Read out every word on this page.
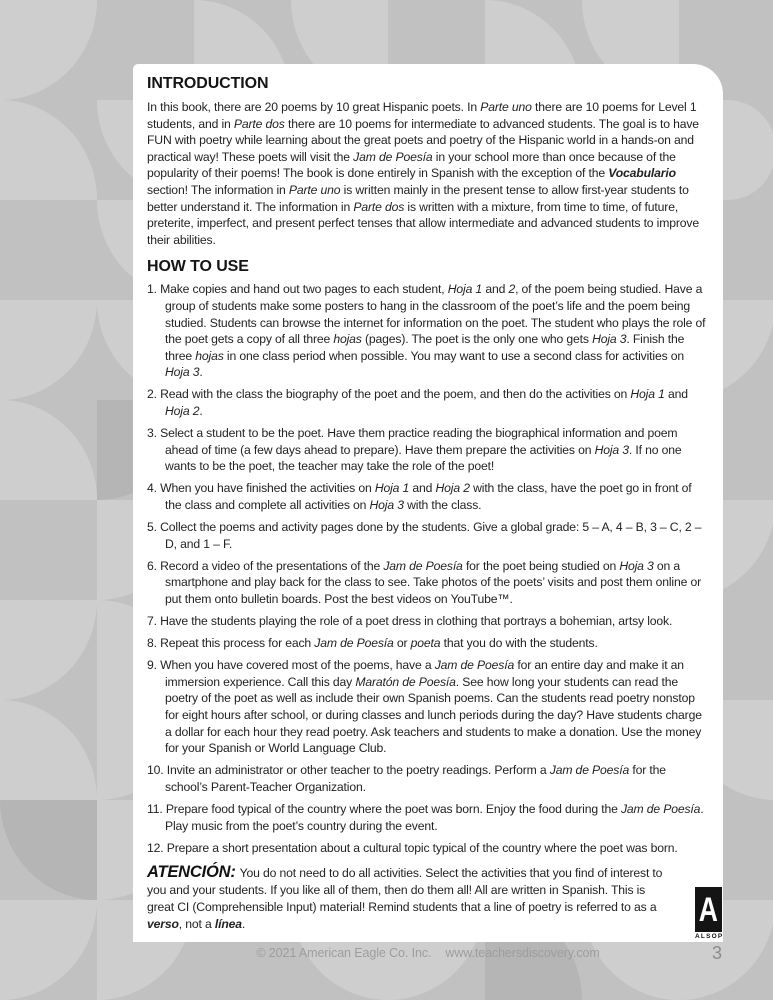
INTRODUCTION

In this book, there are 20 poems by 10 great Hispanic poets. In Parte uno there are 10 poems for Level 1 students, and in Parte dos there are 10 poems for intermediate to advanced students. The goal is to have FUN with poetry while learning about the great poets and poetry of the Hispanic world in a hands-on and practical way! These poets will visit the Jam de Poesía in your school more than once because of the popularity of their poems! The book is done entirely in Spanish with the exception of the Vocabulario section! The information in Parte uno is written mainly in the present tense to allow first-year students to better understand it. The information in Parte dos is written with a mixture, from time to time, of future, preterite, imperfect, and present perfect tenses that allow intermediate and advanced students to improve their abilities.

HOW TO USE
1. Make copies and hand out two pages to each student, Hoja 1 and 2, of the poem being studied. Have a group of students make some posters to hang in the classroom of the poet’s life and the poem being studied. Students can browse the internet for information on the poet. The student who plays the role of the poet gets a copy of all three hojas (pages). The poet is the only one who gets Hoja 3. Finish the three hojas in one class period when possible. You may want to use a second class for activities on Hoja 3.
2. Read with the class the biography of the poet and the poem, and then do the activities on Hoja 1 and Hoja 2.
3. Select a student to be the poet. Have them practice reading the biographical information and poem ahead of time (a few days ahead to prepare). Have them prepare the activities on Hoja 3. If no one wants to be the poet, the teacher may take the role of the poet!
4. When you have finished the activities on Hoja 1 and Hoja 2 with the class, have the poet go in front of the class and complete all activities on Hoja 3 with the class.
5. Collect the poems and activity pages done by the students. Give a global grade: 5 – A, 4 – B, 3 – C, 2 – D, and 1 – F.
6. Record a video of the presentations of the Jam de Poesía for the poet being studied on Hoja 3 on a smartphone and play back for the class to see. Take photos of the poets’ visits and post them online or put them onto bulletin boards. Post the best videos on YouTube™.
7. Have the students playing the role of a poet dress in clothing that portrays a bohemian, artsy look.
8. Repeat this process for each Jam de Poesía or poeta that you do with the students.
9. When you have covered most of the poems, have a Jam de Poesía for an entire day and make it an immersion experience. Call this day Maratón de Poesía. See how long your students can read the poetry of the poet as well as include their own Spanish poems. Can the students read poetry nonstop for eight hours after school, or during classes and lunch periods during the day? Have students charge a dollar for each hour they read poetry. Ask teachers and students to make a donation. Use the money for your Spanish or World Language Club.
10. Invite an administrator or other teacher to the poetry readings. Perform a Jam de Poesía for the school’s Parent-Teacher Organization.
11. Prepare food typical of the country where the poet was born. Enjoy the food during the Jam de Poesía. Play music from the poet’s country during the event.
12. Prepare a short presentation about a cultural topic typical of the country where the poet was born.

ATENCIÓN: You do not need to do all activities. Select the activities that you find of interest to you and your students. If you like all of them, then do them all! All are written in Spanish. This is great CI (Comprehensible Input) material! Remind students that a line of poetry is referred to as a verso, not a línea.	A
ALSOP
© 2021 American Eagle Co. Inc. www.teachersdiscovery.com	3
